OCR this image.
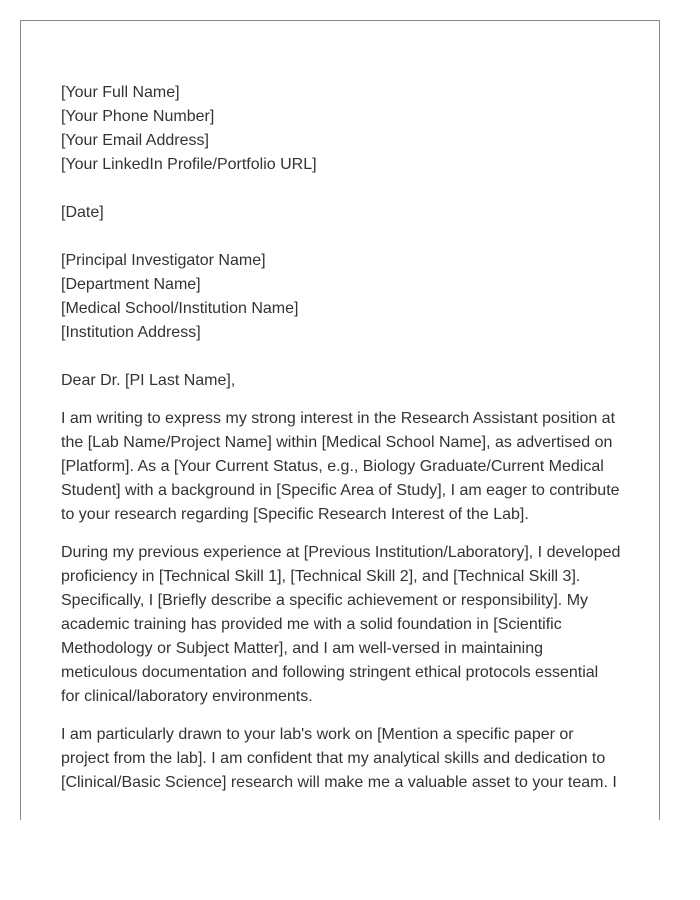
[Your Full Name]
[Your Phone Number]
[Your Email Address]
[Your LinkedIn Profile/Portfolio URL]
[Date]
[Principal Investigator Name]
[Department Name]
[Medical School/Institution Name]
[Institution Address]
Dear Dr. [PI Last Name],
I am writing to express my strong interest in the Research Assistant position at
the [Lab Name/Project Name] within [Medical School Name], as advertised on
[Platform]. As a [Your Current Status, e.g., Biology Graduate/Current Medical
Student] with a background in [Specific Area of Study], I am eager to contribute
to your research regarding [Specific Research Interest of the Lab].
During my previous experience at [Previous Institution/Laboratory], I developed
proficiency in [Technical Skill 1], [Technical Skill 2], and [Technical Skill 3].
Specifically, I [Briefly describe a specific achievement or responsibility]. My
academic training has provided me with a solid foundation in [Scientific
Methodology or Subject Matter], and I am well-versed in maintaining
meticulous documentation and following stringent ethical protocols essential
for clinical/laboratory environments.
I am particularly drawn to your lab's work on [Mention a specific paper or
project from the lab]. I am confident that my analytical skills and dedication to
[Clinical/Basic Science] research will make me a valuable asset to your team. I
